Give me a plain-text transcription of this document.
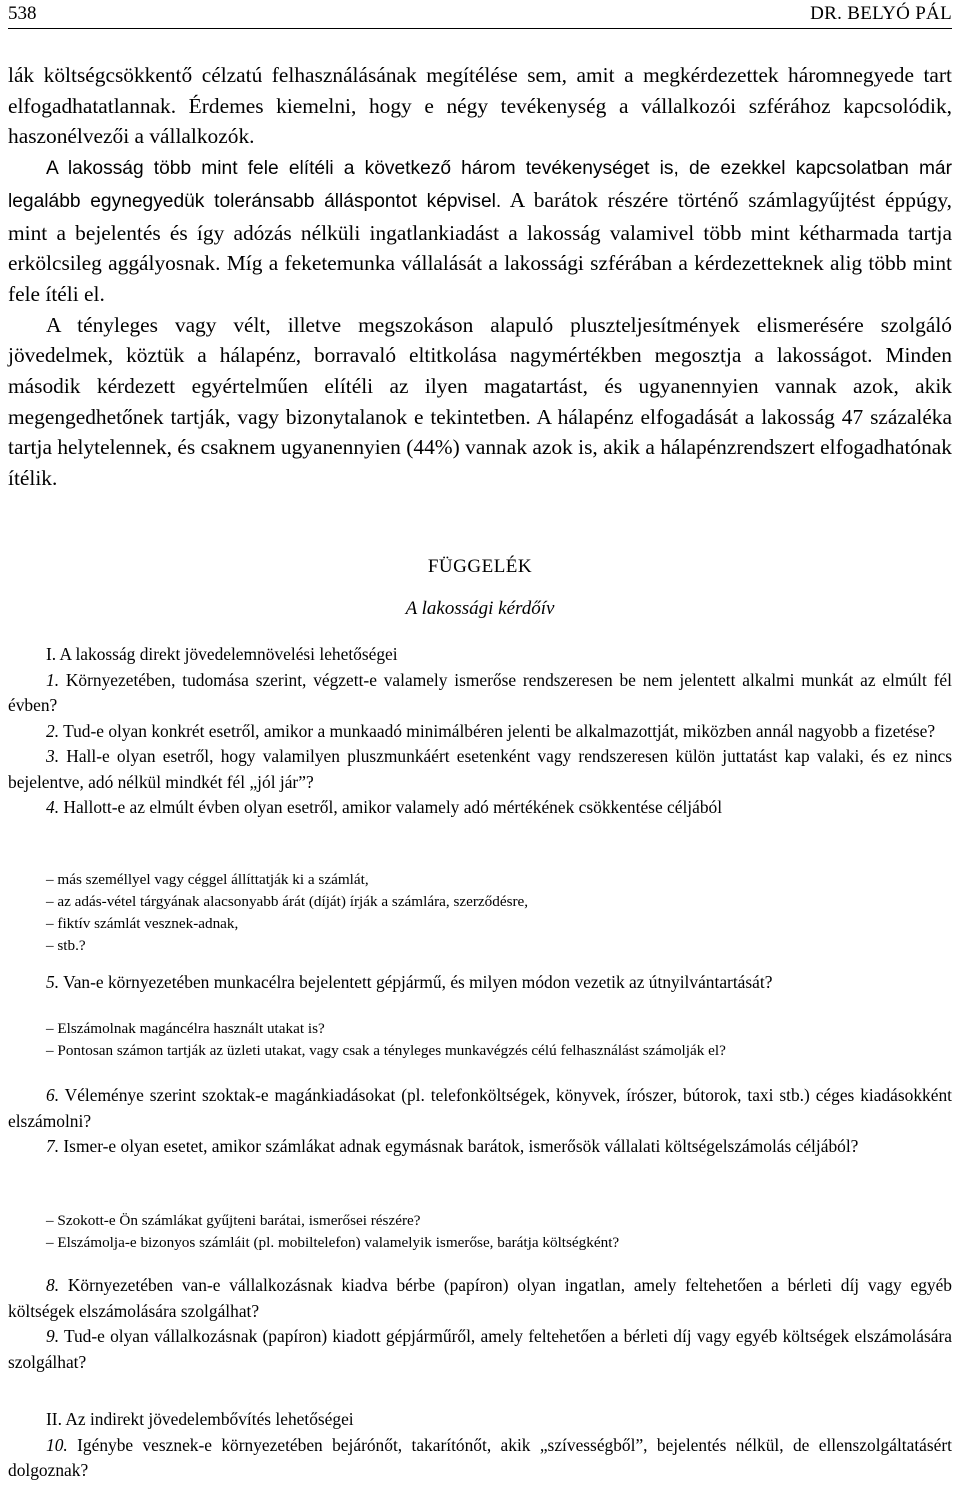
538	DR. BELYÓ PÁL

lák költségcsökkentő célzatú felhasználásának megítélése sem, amit a megkérdezettek háromnegyede tart elfogadhatatlannak. Érdemes kiemelni, hogy e négy tevékenység a vállalkozói szférához kapcsolódik, haszonélvezői a vállalkozók.

A lakosság több mint fele elítéli a következő három tevékenységet is, de ezekkel kapcsolatban már legalább egynegyedük toleránsabb álláspontot képvisel. A barátok részére történő számlagyűjtést éppúgy, mint a bejelentés és így adózás nélküli ingatlankiadást a lakosság valamivel több mint kétharmada tartja erkölcsileg aggályosnak. Míg a feketemunka vállalását a lakossági szférában a kérdezetteknek alig több mint fele ítéli el.

A tényleges vagy vélt, illetve megszokáson alapuló pluszteljesítmények elismerésére szolgáló jövedelmek, köztük a hálapénz, borravaló eltitkolása nagymértékben megosztja a lakosságot. Minden második kérdezett egyértelműen elítéli az ilyen magatartást, és ugyanennyien vannak azok, akik megengedhetőnek tartják, vagy bizonytalanok e tekintetben. A hálapénz elfogadását a lakosság 47 százaléka tartja helytelennek, és csaknem ugyanennyien (44%) vannak azok is, akik a hálapénzrendszert elfogadhatónak ítélik.

FÜGGELÉK
A lakossági kérdőív

I. A lakosság direkt jövedelemnövelési lehetőségei

1. Környezetében, tudomása szerint, végzett-e valamely ismerőse rendszeresen be nem jelentett alkalmi munkát az elmúlt fél évben?

2. Tud-e olyan konkrét esetről, amikor a munkaadó minimálbéren jelenti be alkalmazottját, miközben annál nagyobb a fizetése?

3. Hall-e olyan esetről, hogy valamilyen pluszmunkáért esetenként vagy rendszeresen külön juttatást kap valaki, és ez nincs bejelentve, adó nélkül mindkét fél „jól jár”?

4. Hallott-e az elmúlt évben olyan esetről, amikor valamely adó mértékének csökkentése céljából

– más személlyel vagy céggel állíttatják ki a számlát,
– az adás-vétel tárgyának alacsonyabb árát (díját) írják a számlára, szerződésre,
– fiktív számlát vesznek-adnak,
– stb.?

5. Van-e környezetében munkacélra bejelentett gépjármű, és milyen módon vezetik az útnyilvántartását?

– Elszámolnak magáncélra használt utakat is?
– Pontosan számon tartják az üzleti utakat, vagy csak a tényleges munkavégzés célú felhasználást számolják el?

6. Véleménye szerint szoktak-e magánkiadásokat (pl. telefonköltségek, könyvek, írószer, bútorok, taxi stb.) céges kiadásokként elszámolni?

7. Ismer-e olyan esetet, amikor számlákat adnak egymásnak barátok, ismerősök vállalati költségelszámolás céljából?

– Szokott-e Ön számlákat gyűjteni barátai, ismerősei részére?
– Elszámolja-e bizonyos számláit (pl. mobiltelefon) valamelyik ismerőse, barátja költségként?

8. Környezetében van-e vállalkozásnak kiadva bérbe (papíron) olyan ingatlan, amely feltehetően a bérleti díj vagy egyéb költségek elszámolására szolgálhat?

9. Tud-e olyan vállalkozásnak (papíron) kiadott gépjárműről, amely feltehetően a bérleti díj vagy egyéb költségek elszámolására szolgálhat?

II. Az indirekt jövedelembővítés lehetőségei

10. Igénybe vesznek-e környezetében bejárónőt, takarítónőt, akik „szívességből”, bejelentés nélkül, de ellenszolgáltatásért dolgoznak?
